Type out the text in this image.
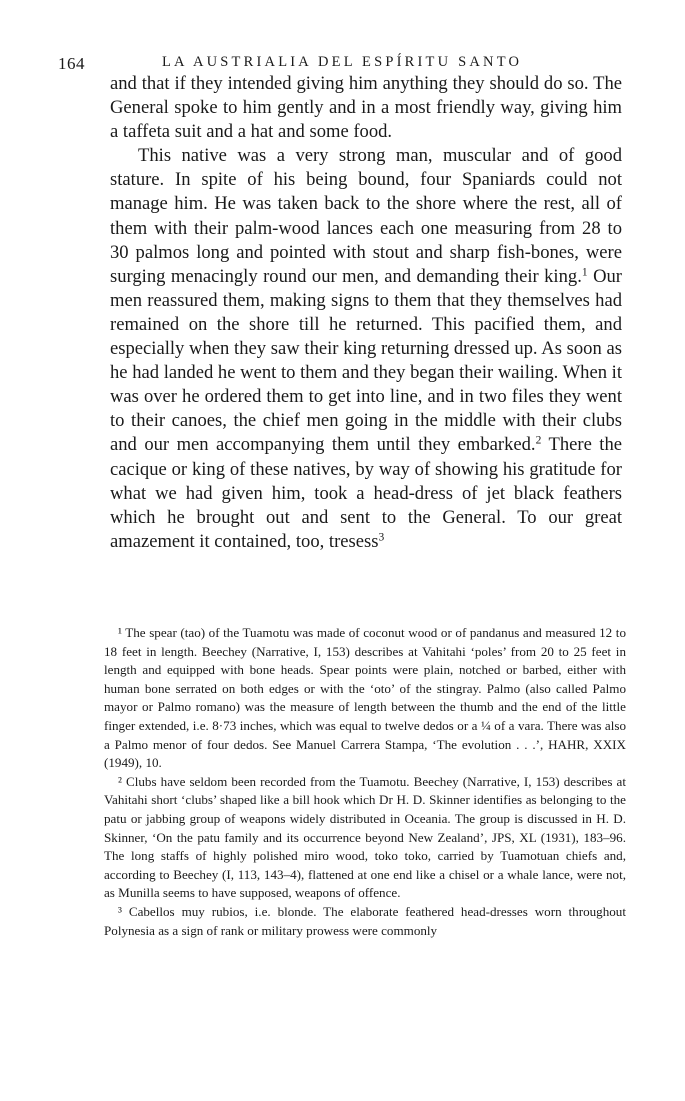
164	LA AUSTRIALIA DEL ESPÍRITU SANTO

and that if they intended giving him anything they should do so. The General spoke to him gently and in a most friendly way, giving him a taffeta suit and a hat and some food.

This native was a very strong man, muscular and of good stature. In spite of his being bound, four Spaniards could not manage him. He was taken back to the shore where the rest, all of them with their palm-wood lances each one measuring from 28 to 30 palmos long and pointed with stout and sharp fish-bones, were surging menacingly round our men, and demanding their king.$^1$ Our men reassured them, making signs to them that they themselves had remained on the shore till he returned. This pacified them, and especially when they saw their king returning dressed up. As soon as he had landed he went to them and they began their wailing. When it was over he ordered them to get into line, and in two files they went to their canoes, the chief men going in the middle with their clubs and our men accompanying them until they embarked.$^2$ There the cacique or king of these natives, by way of showing his gratitude for what we had given him, took a head-dress of jet black feathers which he brought out and sent to the General. To our great amazement it contained, too, tresess$^3$

¹ The spear (tao) of the Tuamotu was made of coconut wood or of pandanus and measured 12 to 18 feet in length. Beechey (Narrative, I, 153) describes at Vahitahi ‘poles’ from 20 to 25 feet in length and equipped with bone heads. Spear points were plain, notched or barbed, either with human bone serrated on both edges or with the ‘oto’ of the stingray. Palmo (also called Palmo mayor or Palmo romano) was the measure of length between the thumb and the end of the little finger extended, i.e. 8·73 inches, which was equal to twelve dedos or a ¼ of a vara. There was also a Palmo menor of four dedos. See Manuel Carrera Stampa, ‘The evolution . . .’, HAHR, XXIX (1949), 10.

² Clubs have seldom been recorded from the Tuamotu. Beechey (Narrative, I, 153) describes at Vahitahi short ‘clubs’ shaped like a bill hook which Dr H. D. Skinner identifies as belonging to the patu or jabbing group of weapons widely distributed in Oceania. The group is discussed in H. D. Skinner, ‘On the patu family and its occurrence beyond New Zealand’, JPS, XL (1931), 183–96. The long staffs of highly polished miro wood, toko toko, carried by Tuamotuan chiefs and, according to Beechey (I, 113, 143–4), flattened at one end like a chisel or a whale lance, were not, as Munilla seems to have supposed, weapons of offence.

³ Cabellos muy rubios, i.e. blonde. The elaborate feathered head-dresses worn throughout Polynesia as a sign of rank or military prowess were commonly
